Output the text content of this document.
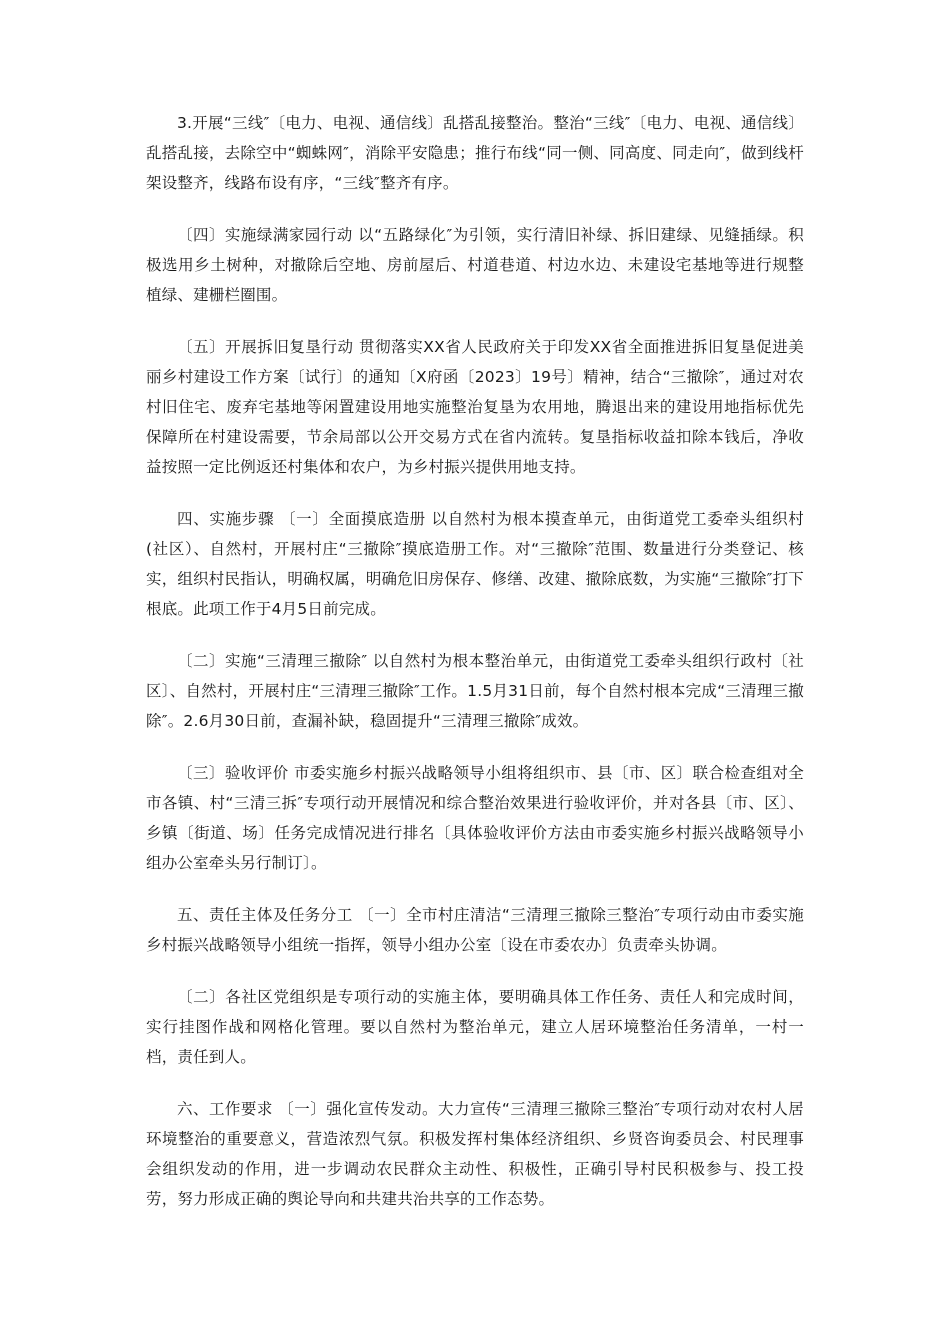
3.开展“三线″〔电力、电视、通信线〕乱搭乱接整治。整治“三线″〔电力、电视、通信线〕乱搭乱接，去除空中“蜘蛛网″，消除平安隐患；推行布线“同一侧、同高度、同走向″，做到线杆架设整齐，线路布设有序，“三线″整齐有序。

〔四〕实施绿满家园行动 以“五路绿化″为引领，实行清旧补绿、拆旧建绿、见缝插绿。积极选用乡土树种，对撤除后空地、房前屋后、村道巷道、村边水边、未建设宅基地等进行规整植绿、建栅栏圈围。

〔五〕开展拆旧复垦行动 贯彻落实XX省人民政府关于印发XX省全面推进拆旧复垦促进美丽乡村建设工作方案〔试行〕的通知〔X府函〔2023〕19号〕精神，结合“三撤除″，通过对农村旧住宅、废弃宅基地等闲置建设用地实施整治复垦为农用地，腾退出来的建设用地指标优先保障所在村建设需要，节余局部以公开交易方式在省内流转。复垦指标收益扣除本钱后，净收益按照一定比例返还村集体和农户，为乡村振兴提供用地支持。

四、实施步骤 〔一〕全面摸底造册 以自然村为根本摸查单元，由街道党工委牵头组织村(社区）、自然村，开展村庄“三撤除″摸底造册工作。对“三撤除″范围、数量进行分类登记、核实，组织村民指认，明确权属，明确危旧房保存、修缮、改建、撤除底数，为实施“三撤除″打下根底。此项工作于4月5日前完成。

〔二〕实施“三清理三撤除″ 以自然村为根本整治单元，由街道党工委牵头组织行政村〔社区〕、自然村，开展村庄“三清理三撤除″工作。1.5月31日前，每个自然村根本完成“三清理三撤除″。2.6月30日前，查漏补缺，稳固提升“三清理三撤除″成效。

〔三〕验收评价 市委实施乡村振兴战略领导小组将组织市、县〔市、区〕联合检查组对全市各镇、村“三清三拆″专项行动开展情况和综合整治效果进行验收评价，并对各县〔市、区〕、乡镇〔街道、场〕任务完成情况进行排名〔具体验收评价方法由市委实施乡村振兴战略领导小组办公室牵头另行制订〕。

五、责任主体及任务分工 〔一〕全市村庄清洁“三清理三撤除三整治″专项行动由市委实施乡村振兴战略领导小组统一指挥，领导小组办公室〔设在市委农办〕负责牵头协调。

〔二〕各社区党组织是专项行动的实施主体，要明确具体工作任务、责任人和完成时间，实行挂图作战和网格化管理。要以自然村为整治单元，建立人居环境整治任务清单，一村一档，责任到人。

六、工作要求 〔一〕强化宣传发动。大力宣传“三清理三撤除三整治″专项行动对农村人居环境整治的重要意义，营造浓烈气氛。积极发挥村集体经济组织、乡贤咨询委员会、村民理事会组织发动的作用，进一步调动农民群众主动性、积极性，正确引导村民积极参与、投工投劳，努力形成正确的舆论导向和共建共治共享的工作态势。
